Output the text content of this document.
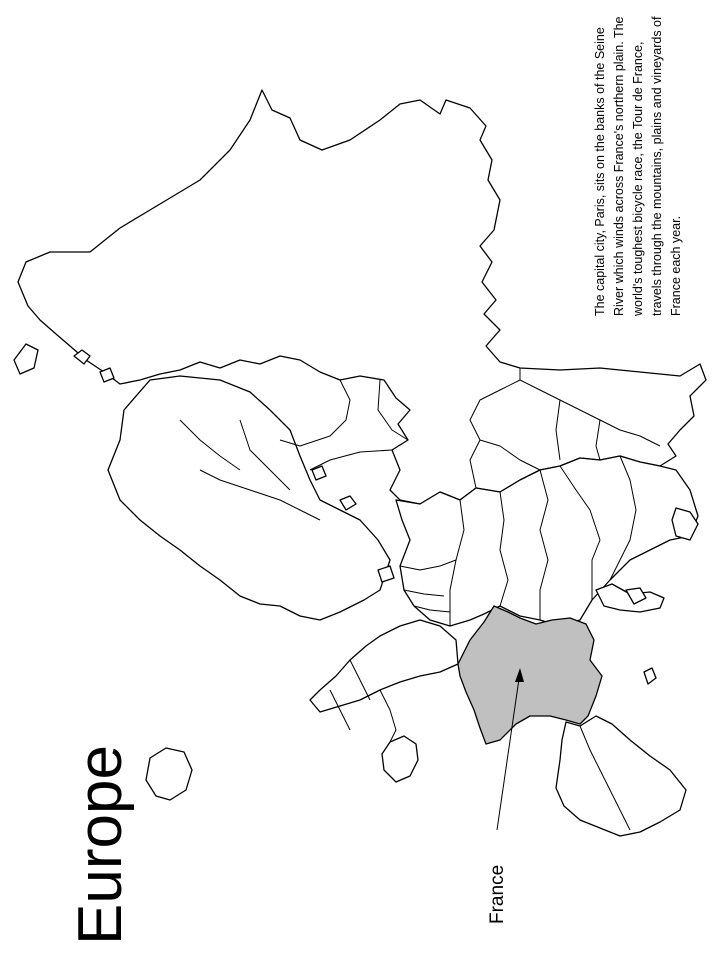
Europe
The capital city, Paris, sits on the banks of the Seine River which winds across France's northern plain. The world's toughest bicycle race, the Tour de France, travels through the mountains, plains and vineyards of France each year.
France
